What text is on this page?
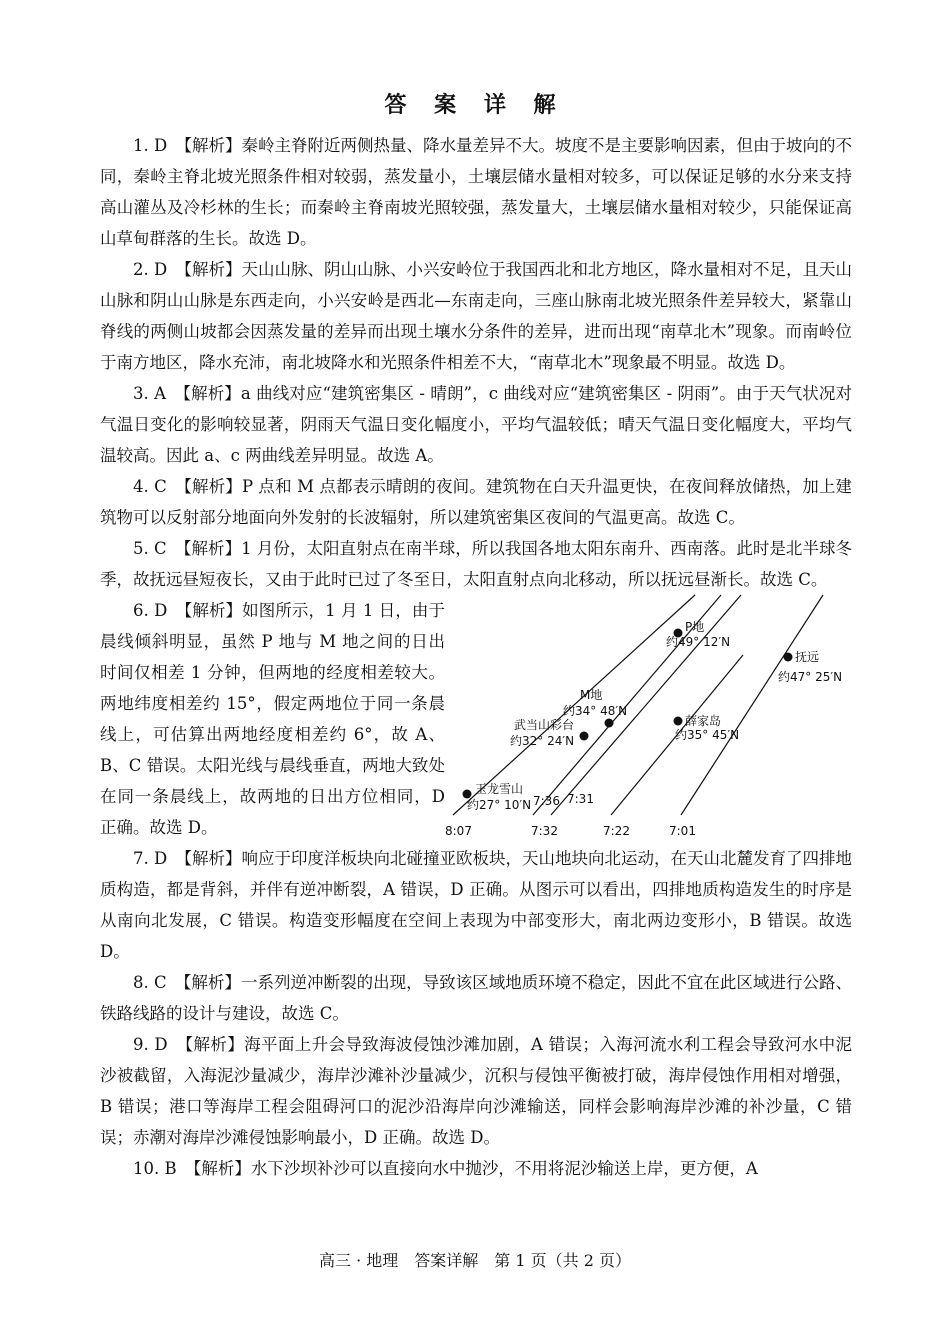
答 案 详 解

1. D　 【解析】秦岭主脊附近两侧热量、降水量差异不大。坡度不是主要影响因素，但由于坡向的不同，秦岭主脊北坡光照条件相对较弱，蒸发量小，土壤层储水量相对较多，可以保证足够的水分来支持高山灌丛及冷杉林的生长；而秦岭主脊南坡光照较强，蒸发量大，土壤层储水量相对较少，只能保证高山草甸群落的生长。故选 D。

2. D　 【解析】天山山脉、阴山山脉、小兴安岭位于我国西北和北方地区，降水量相对不足，且天山山脉和阴山山脉是东西走向，小兴安岭是西北—东南走向，三座山脉南北坡光照条件差异较大，紧靠山脊线的两侧山坡都会因蒸发量的差异而出现土壤水分条件的差异，进而出现“南草北木”现象。而南岭位于南方地区，降水充沛，南北坡降水和光照条件相差不大，“南草北木”现象最不明显。故选 D。

3. A　 【解析】a 曲线对应“建筑密集区 - 晴朗”，c 曲线对应“建筑密集区 - 阴雨”。由于天气状况对气温日变化的影响较显著，阴雨天气温日变化幅度小，平均气温较低；晴天气温日变化幅度大，平均气温较高。因此 a、c 两曲线差异明显。故选 A。

4. C　 【解析】P 点和 M 点都表示晴朗的夜间。建筑物在白天升温更快，在夜间释放储热，加上建筑物可以反射部分地面向外发射的长波辐射，所以建筑密集区夜间的气温更高。故选 C。

5. C　 【解析】1 月份，太阳直射点在南半球，所以我国各地太阳东南升、西南落。此时是北半球冬季，故抚远昼短夜长，又由于此时已过了冬至日，太阳直射点向北移动，所以抚远昼渐长。故选 C。

6. D　 【解析】如图所示，1 月 1 日，由于晨线倾斜明显，虽然 P 地与 M 地之间的日出时间仅相差 1 分钟，但两地的经度相差较大。两地纬度相差约 15°，假定两地位于同一条晨线上，可估算出两地经度相差约 6°，故 A、B、C 错误。太阳光线与晨线垂直，两地大致处在同一条晨线上，故两地的日出方位相同，D 正确。故选 D。

P地
约49° 12′N
抚远
约47° 25′N
M地
约34° 48′N
武当山彩台
约32° 24′N
薛家岛
约35° 45′N
玉龙雪山
约27° 10′N 7:36 7:31
8:07	7:32	7:22	7:01

7. D　 【解析】响应于印度洋板块向北碰撞亚欧板块，天山地块向北运动，在天山北麓发育了四排地质构造，都是背斜，并伴有逆冲断裂，A 错误，D 正确。从图示可以看出，四排地质构造发生的时序是从南向北发展，C 错误。构造变形幅度在空间上表现为中部变形大，南北两边变形小，B 错误。故选 D。

8. C　 【解析】一系列逆冲断裂的出现，导致该区域地质环境不稳定，因此不宜在此区域进行公路、铁路线路的设计与建设，故选 C。

9. D　 【解析】海平面上升会导致海波侵蚀沙滩加剧，A 错误；入海河流水利工程会导致河水中泥沙被截留，入海泥沙量减少，海岸沙滩补沙量减少，沉积与侵蚀平衡被打破，海岸侵蚀作用相对增强，B 错误；港口等海岸工程会阻碍河口的泥沙沿海岸向沙滩输送，同样会影响海岸沙滩的补沙量，C 错误；赤潮对海岸沙滩侵蚀影响最小，D 正确。故选 D。

10. B　 【解析】水下沙坝补沙可以直接向水中抛沙，不用将泥沙输送上岸，更方便，A

高三 · 地理　答案详解　第 1 页（共 2 页）
